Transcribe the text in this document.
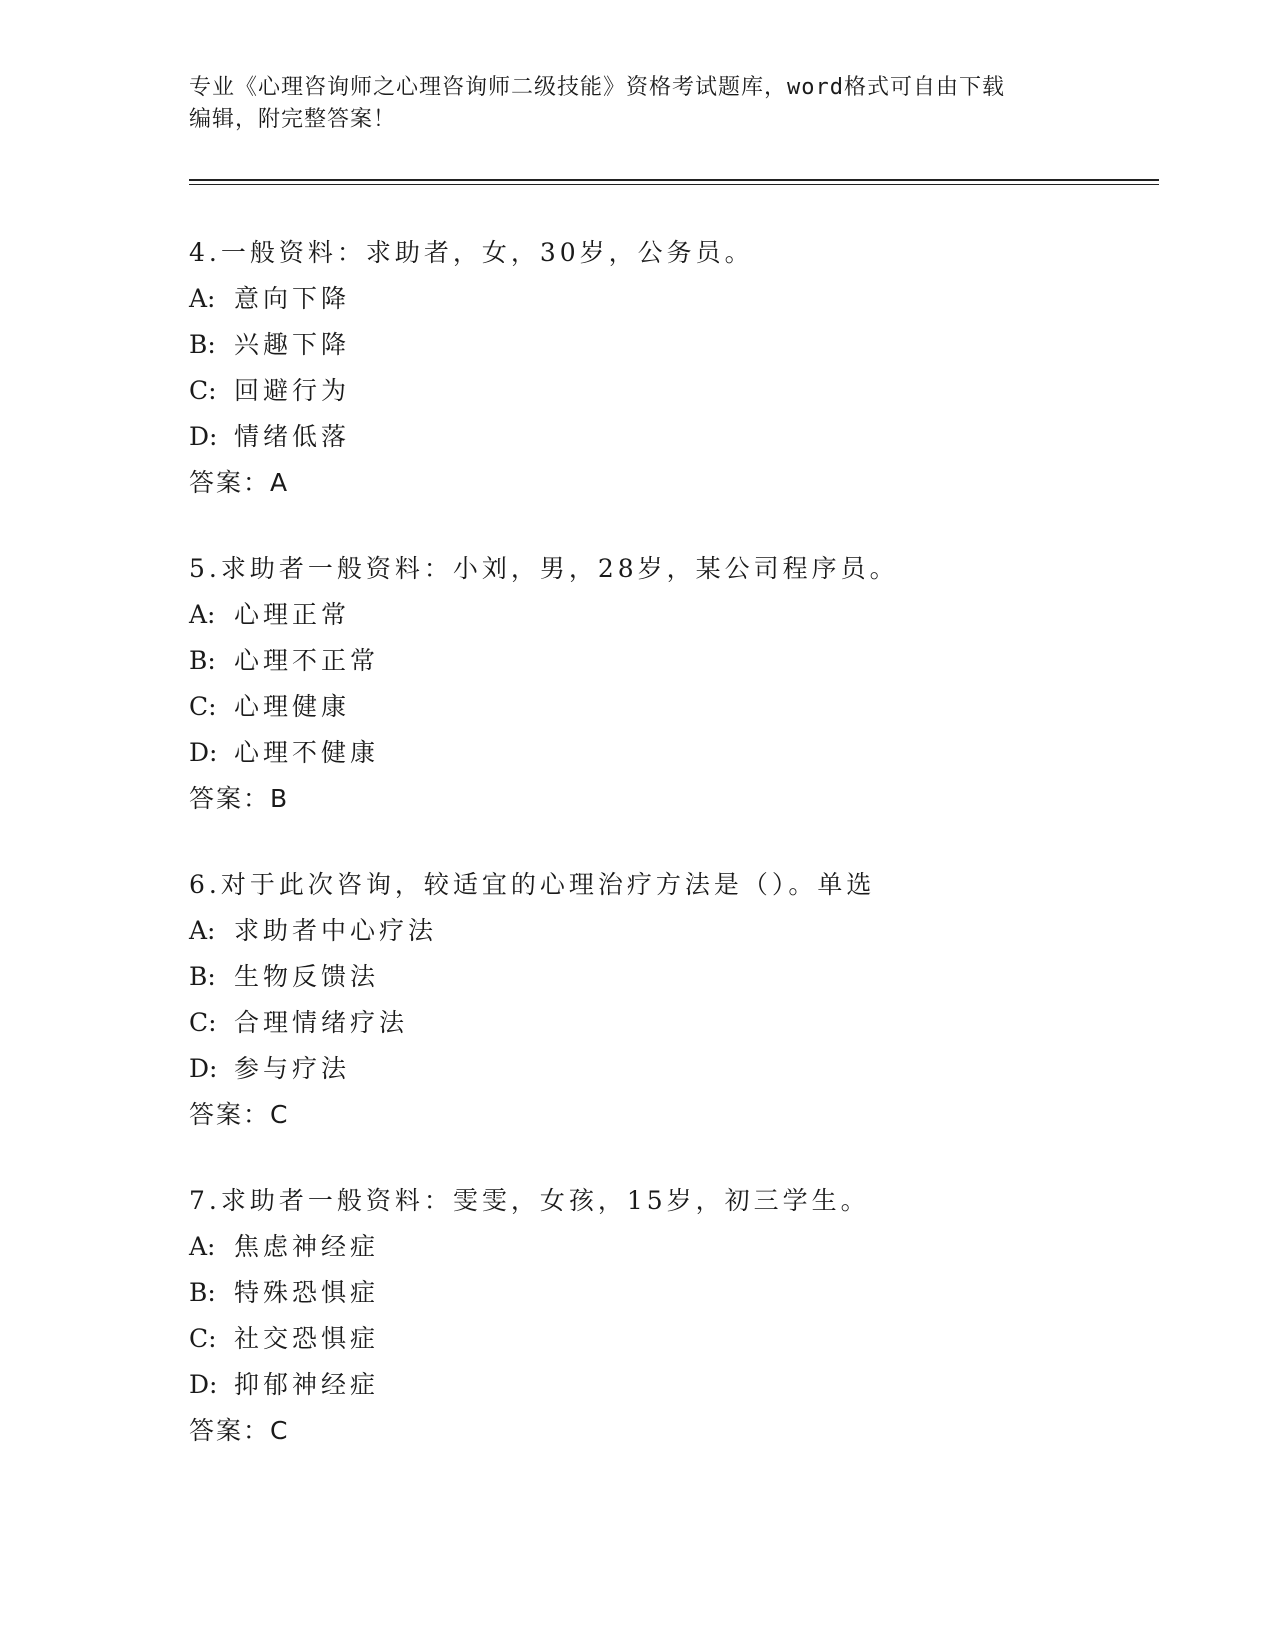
专业《心理咨询师之心理咨询师二级技能》资格考试题库，word格式可自由下载
编辑，附完整答案！
4.一般资料：求助者，女，30岁，公务员。
A: 意向下降
B: 兴趣下降
C: 回避行为
D: 情绪低落
答案：A
5.求助者一般资料：小刘，男，28岁，某公司程序员。
A: 心理正常
B: 心理不正常
C: 心理健康
D: 心理不健康
答案：B
6.对于此次咨询，较适宜的心理治疗方法是（）。单选
A: 求助者中心疗法
B: 生物反馈法
C: 合理情绪疗法
D: 参与疗法
答案：C
7.求助者一般资料：雯雯，女孩，15岁，初三学生。
A: 焦虑神经症
B: 特殊恐惧症
C: 社交恐惧症
D: 抑郁神经症
答案：C
